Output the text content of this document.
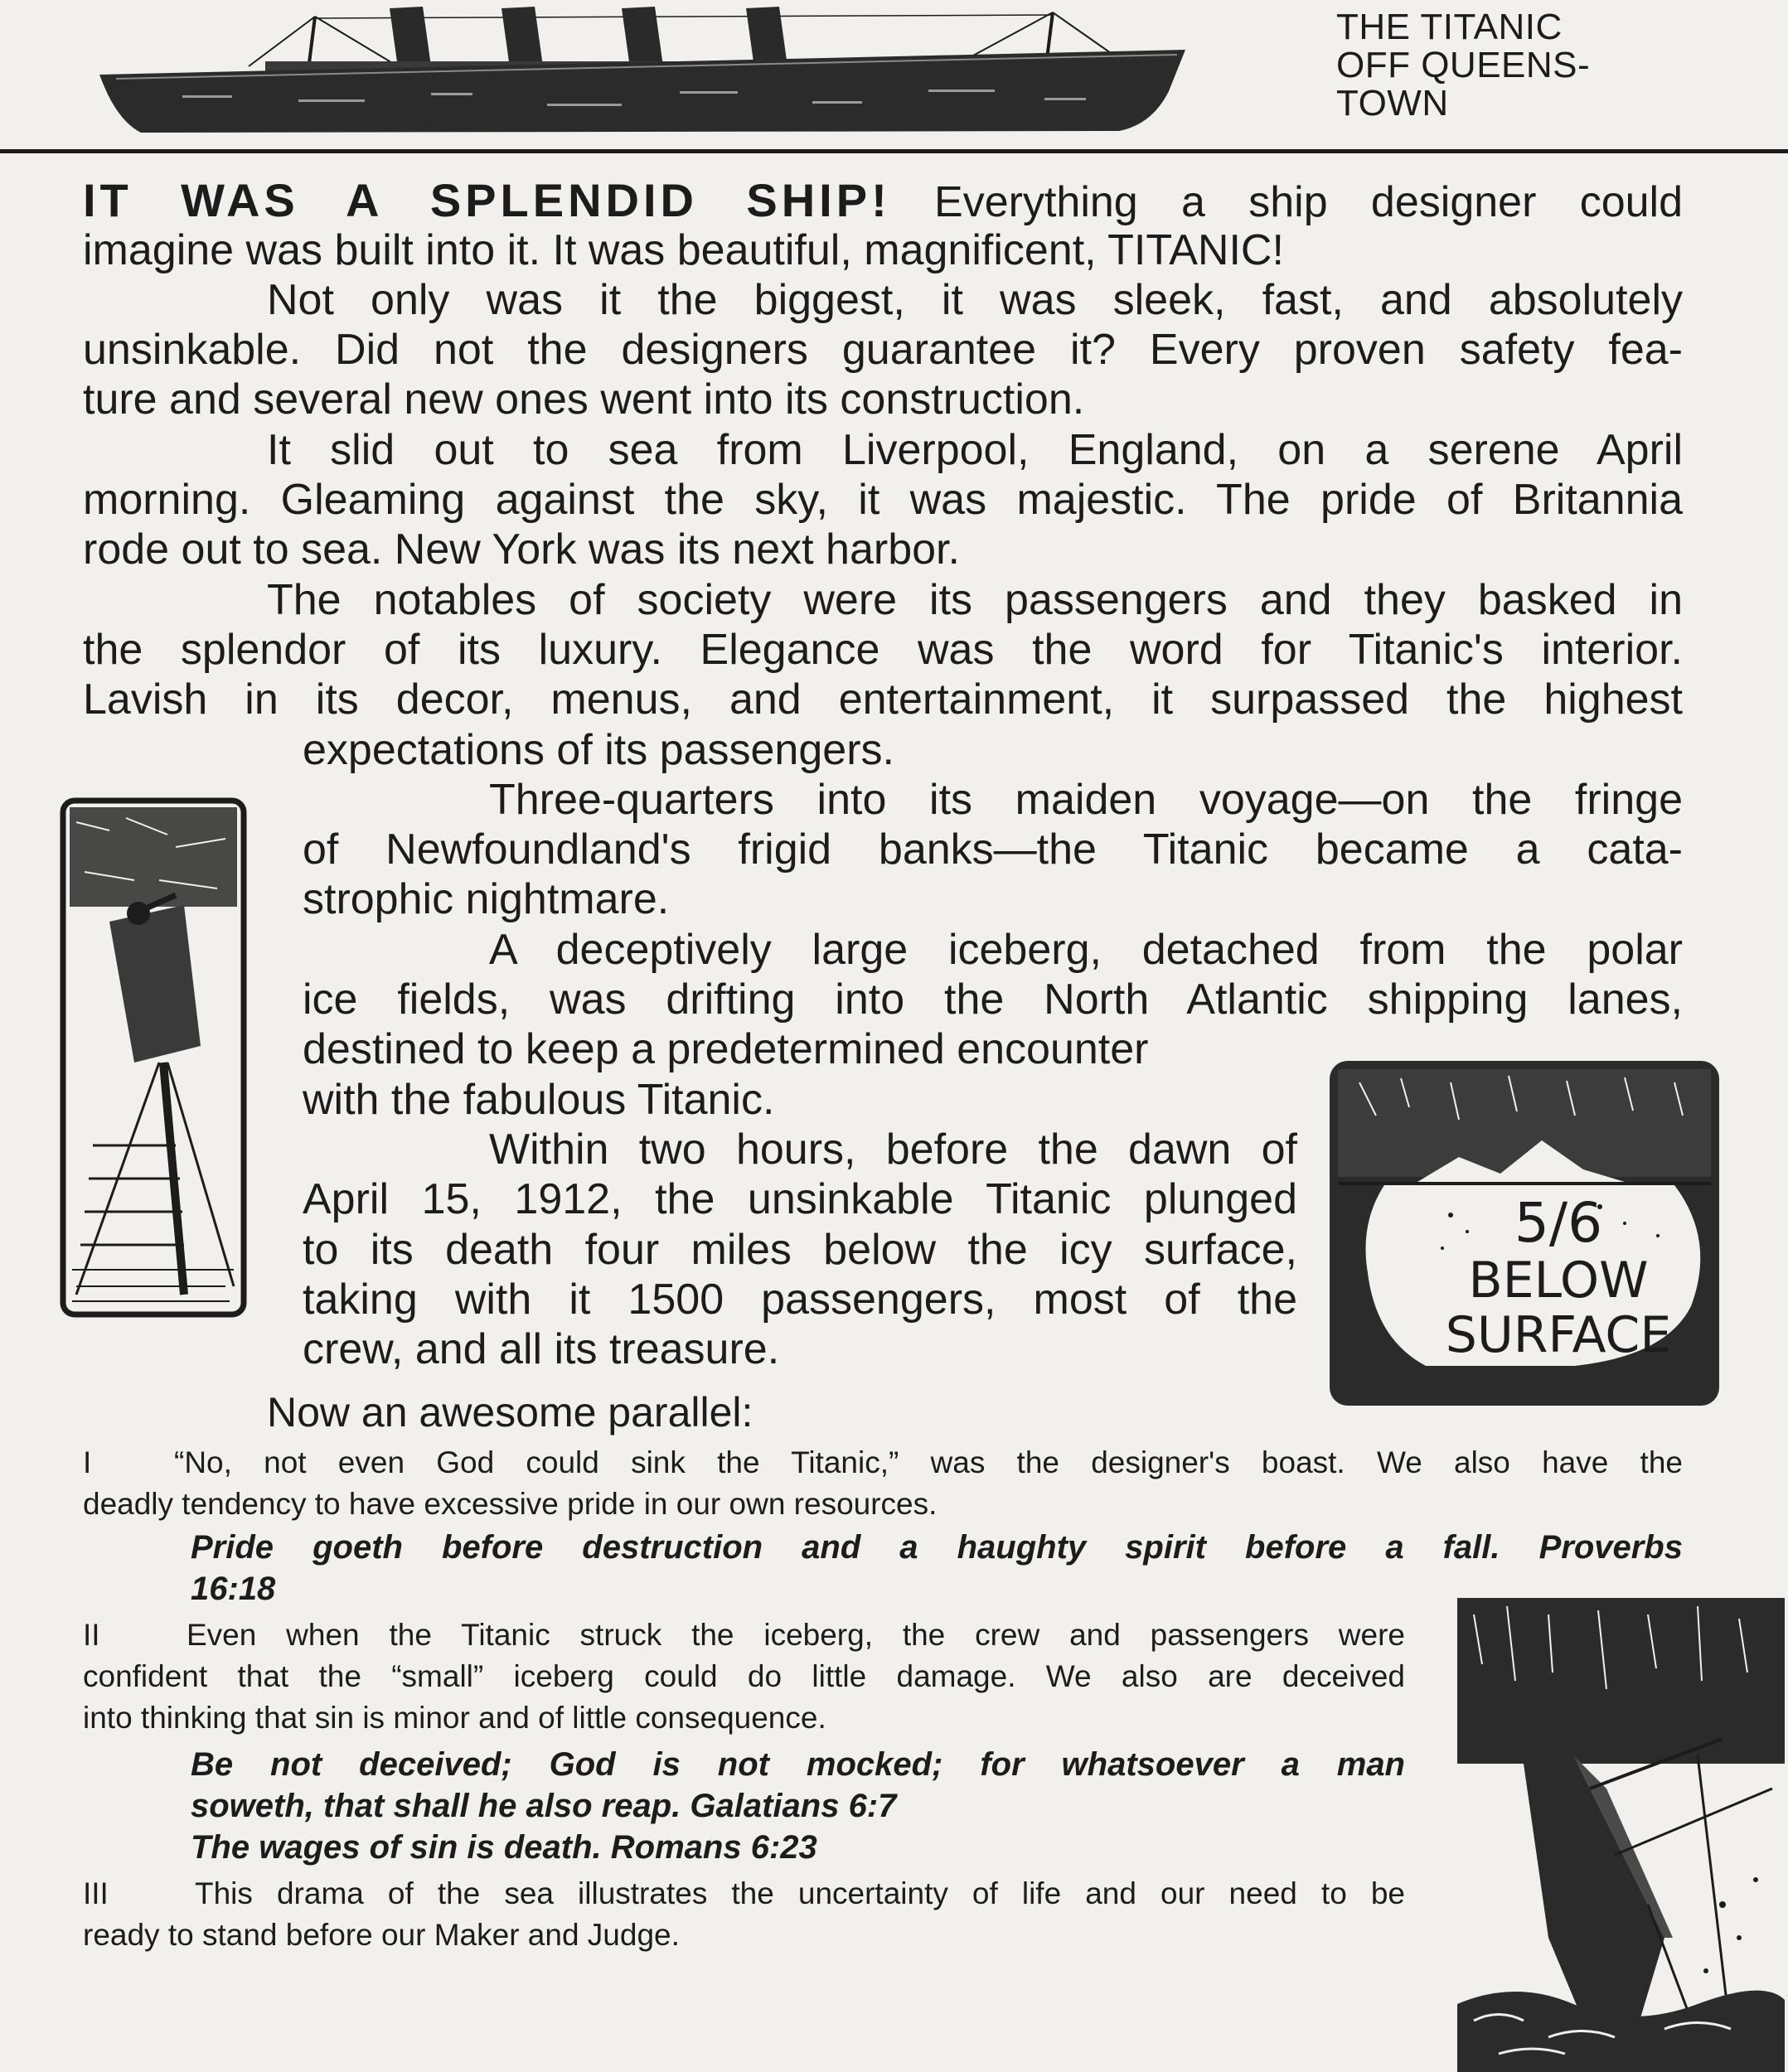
THE TITANIC
OFF QUEENS-
TOWN
IT WAS A SPLENDID SHIP! Everything a ship designer could
imagine was built into it. It was beautiful, magnificent, TITANIC!
Not only was it the biggest, it was sleek, fast, and absolutely
unsinkable. Did not the designers guarantee it? Every proven safety fea-
ture and several new ones went into its construction.
It slid out to sea from Liverpool, England, on a serene April
morning. Gleaming against the sky, it was majestic. The pride of Britannia
rode out to sea. New York was its next harbor.
The notables of society were its passengers and they basked in
the splendor of its luxury. Elegance was the word for Titanic's interior.
Lavish in its decor, menus, and entertainment, it surpassed the highest
expectations of its passengers.
Three-quarters into its maiden voyage—on the fringe
of Newfoundland's frigid banks—the Titanic became a cata-
strophic nightmare.
A deceptively large iceberg, detached from the polar
ice fields, was drifting into the North Atlantic shipping lanes,
destined to keep a predetermined encounter
with the fabulous Titanic.
Within two hours, before the dawn of
April 15, 1912, the unsinkable Titanic plunged
to its death four miles below the icy surface,
taking with it 1500 passengers, most of the
crew, and all its treasure.
Now an awesome parallel:
I	“No, not even God could sink the Titanic,” was the designer's boast. We also have the
deadly tendency to have excessive pride in our own resources.
Pride goeth before destruction and a haughty spirit before a fall. Proverbs
16:18
II	Even when the Titanic struck the iceberg, the crew and passengers were
confident that the “small” iceberg could do little damage. We also are deceived
into thinking that sin is minor and of little consequence.
Be not deceived; God is not mocked; for whatsoever a man
soweth, that shall he also reap. Galatians 6:7
The wages of sin is death. Romans 6:23
III	This drama of the sea illustrates the uncertainty of life and our need to be
ready to stand before our Maker and Judge.
5/6
BELOW
SURFACE
